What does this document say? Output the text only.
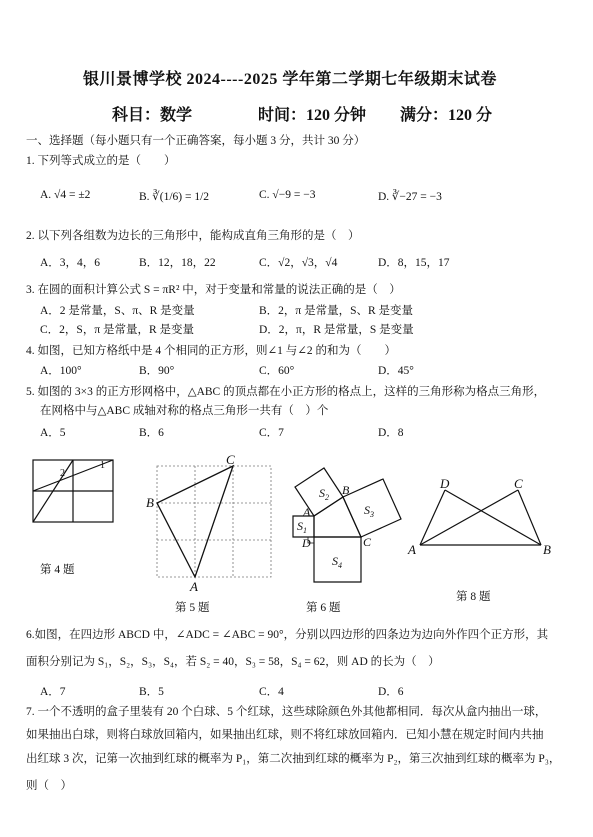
银川景博学校 2024----2025 学年第二学期七年级期末试卷
科目：数学	时间：120 分钟 满分：120 分
一、选择题（每小题只有一个正确答案，每小题 3 分，共计 30 分）
1. 下列等式成立的是（　　）
A. √4 = ±2	B. ∛(1/6) = 1/2	C. √−9 = −3	D. ∛−27 = −3
2. 以下列各组数为边长的三角形中，能构成直角三角形的是（　）
A．3，4，6	B．12，18，22	C．√2，√3，√4	D．8，15，17
3. 在圆的面积计算公式 S = πR² 中，对于变量和常量的说法正确的是（　）
A．2 是常量，S、π、R 是变量	B．2，π 是常量，S、R 是变量
C．2，S，π 是常量，R 是变量	D．2，π，R 是常量，S 是变量
4. 如图，已知方格纸中是 4 个相同的正方形，则∠1 与∠2 的和为（　　）
A．100°	B．90°	C．60°	D．45°
5. 如图的 3×3 的正方形网格中，△ABC 的顶点都在小正方形的格点上，这样的三角形称为格点三角形，
在网格中与△ABC 成轴对称的格点三角形一共有（　）个
A．5	B．6	C．7	D．8
2
1	C
B
A
$S_2$
$S_3$
$S_1$
$S_4$
B
A
D	C
D	C
A	B
第 4 题
第 5 题	第 6 题
第 8 题
6.如图，在四边形 ABCD 中，∠ADC = ∠ABC = 90°，分别以四边形的四条边为边向外作四个正方形，其
面积分别记为 S₁，S₂，S₃，S₄，若 S₂ = 40，S₃ = 58，S₄ = 62，则 AD 的长为（　）
A．7	B．5	C．4	D．6
7. 一个不透明的盒子里装有 20 个白球、5 个红球，这些球除颜色外其他都相同．每次从盒内抽出一球，
如果抽出白球，则将白球放回箱内，如果抽出红球，则不将红球放回箱内．已知小慧在规定时间内共抽
出红球 3 次，记第一次抽到红球的概率为 P₁，第二次抽到红球的概率为 P₂，第三次抽到红球的概率为 P₃，
则（　）
